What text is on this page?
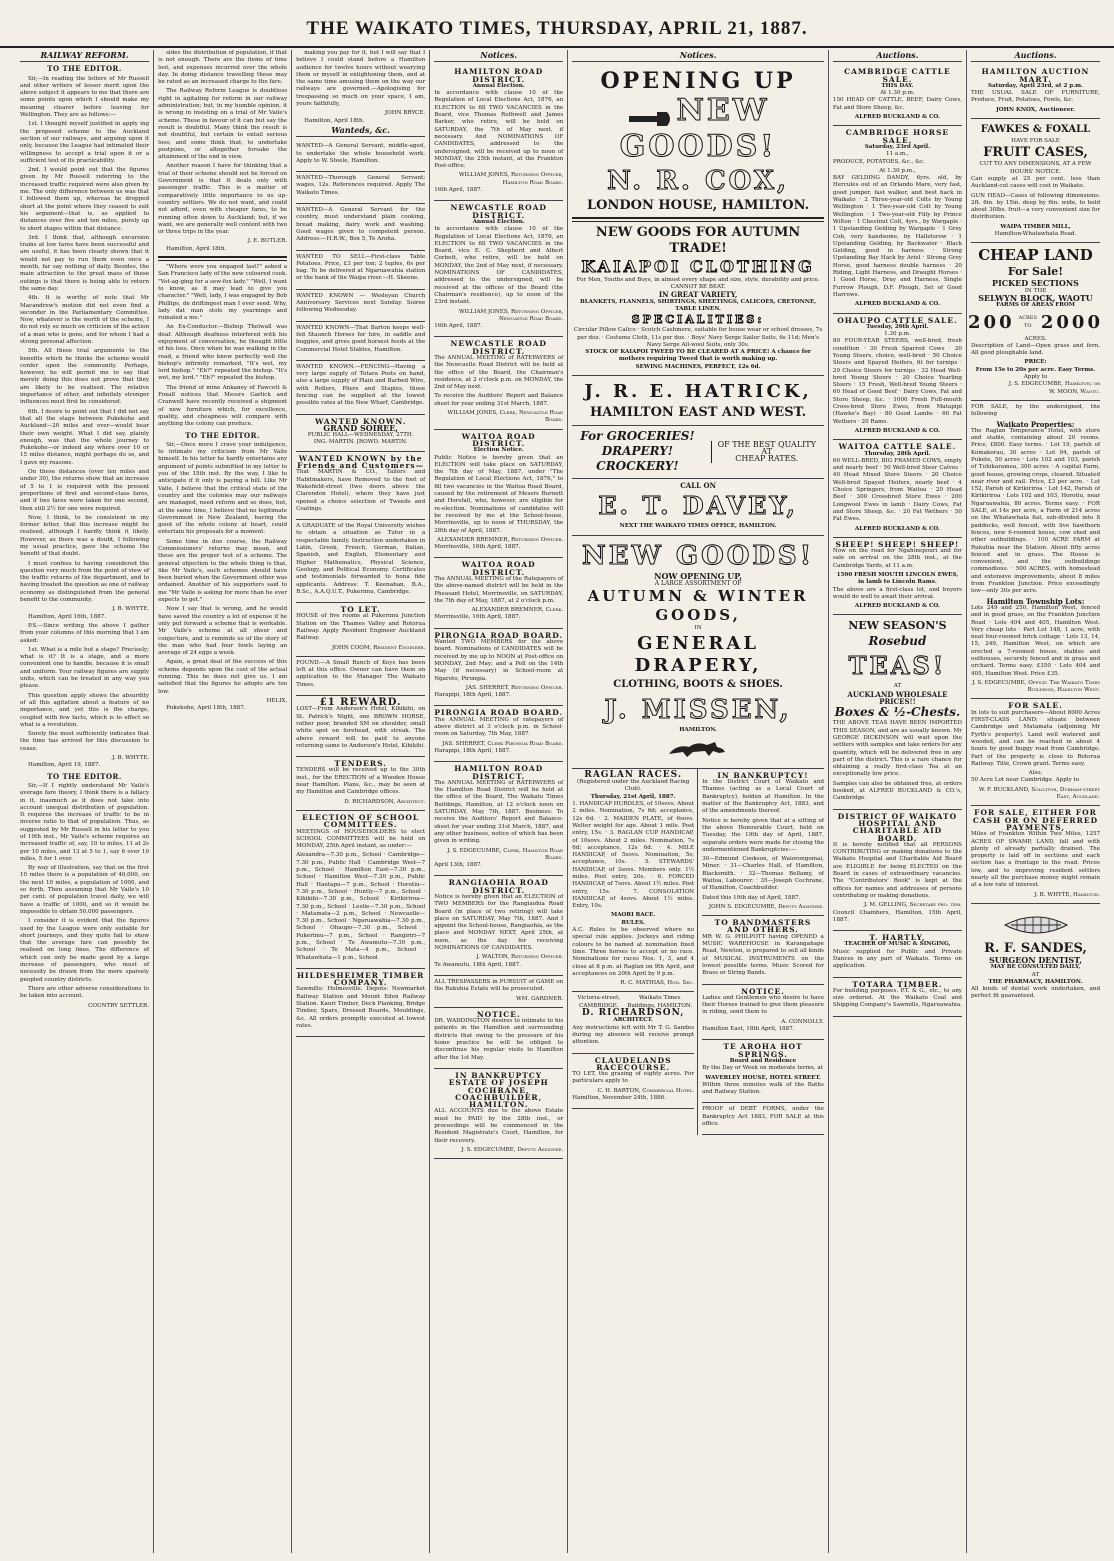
THE WAIKATO TIMES, THURSDAY, APRIL 21, 1887.
RAILWAY REFORM.
TO THE EDITOR.

Sir,—In reading the letters of Mr Russell and other writers of lesser merit upon the above subject it appears to me that there are some points upon which I should make my meaning clearer before leaving for Wellington. They are as follows:—

1st. I thought myself justified in apply ing the proposed scheme to the Auckland section of our railways, and arguing upon it only, because the League had intimated their willingness to accept a trial upon it or a sufficient test of its practicability.

2nd. I would point out that the figures given by Mr Russell referring to the increased traffic required were also given by me. The only difference between us was that I followed them up, whereas he dropped short at the point where they ceased to suit his argument—that is, as applied to distances over five and ten miles, purely up to short stages within that distance.

3rd. I think that, although excursion trains at low fares have been successful and are useful, it has been clearly shown that it would not pay to run them even once a month, far say nothing of daily. Besides, the main attraction to the great mass of these outings is that there is being able to return the same day.

4th. It is worthy of note that Mr Macandrew's motion did not even find a seconder in the Parliamentary Committee. Now, whatever is the worth of the scheme, I do not rely so much on criticism of the action of a man who is gone, and for whom I had a strong personal affection.

5th. All these trial arguments to the benefits which he thinks the scheme would confer upon the community. Perhaps, however, he will permit me to say that merely doing this does not prove that they are likely to be realised. The relative importance of other, and infinitely stronger influences must first be considered.

6th. I desire to point out that I did not say that all the stage between Pukekohe and Auckland—20 miles and over—would bear their own weight. What I did say, plainly enough, was that the whole journey to Pukekohe—or indeed any where over 10 or 15 miles distance, might perhaps do so, and I gave my reasons.

On these distances (over ten miles and under 30), the returns show that an increase of 5 to 1 is required with the present proportions of first and second-class fares, and if two fares were taken for one second, then still 2½ for one were required.

Now, I think, to be consistent in my former letter, that this increase might be realised, although I hardly think it likely. However, as there was a doubt, I following my usual practice, gave the scheme the benefit of that doubt.

I must confess to having considered the question very much from the point of view of the traffic returns of the department, and to having treated the question as one of railway economy as distinguished from the general benefit to the community.

J. B. WHYTE.

Hamilton, April 16th, 1887.

P.S.—Since writing the above I gather from your columns of this morning that I am asked:

1st. What is a mile but a stage? Precisely; what is it? It is a stage, and a more convenient one to handle, because it is small and uniform. Your railway figures are supply units, which can be treated in any way you please.

This question apply shows the absurdity of all this agitation about a feature of no importance, and yet this is the charge, coupled with few facts, which is to effect so what is a revolution.

Surely the most sufficiently indicates that the time has arrived for this discussion to cease.

J. B. WHYTE.

Hamilton, April 19, 1887.

TO THE EDITOR.

Sir,—If I rightly understand Mr Vaile's average fare theory, I think there is a fallacy in it, inasmuch as it does not take into account unequal distribution of population. It requires the increase of traffic to be in inverse ratio to that of population. Thus, as suggested by Mr Russell in his letter to you of 19th inst., Mr Vaile's scheme requires an increased traffic of, say, 10 to miles, 11 at 2s per 10 miles, and 13 at 5 to 1, say 6 over 10 miles, 5 for 1 over.

By way of illustration, say that on the first 10 miles there is a population of 40,000, on the next 10 miles, a population of 1000, and so forth. Then assuming that Mr Vaile's 10 per cent. of population travel daily, we will have a traffic of 1000, and so it would be impossible to obtain 50,000 passengers.

I consider it is evident that the figures used by the League were only suitable for short journeys, and they quite fail to show that the average fare can possibly be realised on long lines. The difference of which can only be made good by a large increase of passengers, who must of necessity be drawn from the more sparsely peopled country districts.

There are other adverse considerations to be taken into account.

COUNTRY SETTLER.

sides the distribution of population, if that is not enough. There are the items of time lost, and expenses incurred over the whole day. In doing distance travelling these may be rated as an increased charge to the fare.

The Railway Reform League is doubtless right in agitating for reform in our railway administration; but, in my humble opinion, it is wrong in insisting on a trial of Mr Vaile's scheme. These in favour of it can but say the result is doubtful. Many think the result is not doubtful, but certain to entail serious loss; and some think that, to undertake postpone, or altogether forsake the attainment of the end in view.

Another reason I have for thinking that a trial of their scheme should not be forced on Government is that it deals only with passenger traffic. This is a matter of comparatively little importance to us up-country settlers. We do not want, and could not afford, even with cheaper fares, to be running often down to Auckland; but, if we want, we are generally well content with two or three trips in the year.

J. E. BUTLER.

Hamilton, April 18th.

"Where were you engaged last?" asked a San Francisco lady of the new coloured cook. "Vot-ag-ging for a sew-fox lady." "Well, I want to know, as it may lead to give you character." "Well, lady, I was engaged by Bob Phillips, de driftingest man I ever seed. Why, lady dat man stole my yearnings and ruinated a me."

An Ex-Conductor.—Bishop Thelwall was deaf. Although deafness interfered with his enjoyment of conversation, he thought little of his loss. Once when he was walking in the road, a friend who knew perfectly well the bishop's infirmity remarked, "It's wet, my lord bishop." "Eh?" repeated the bishop. "It's wet, my lord." "Eh?" repeated the bishop.

The friend of mine Ankaney of Fawcett & Foxall notices that Messrs Garlick and Cranwell have recently received a shipment of new furniture which, for excellence, quality, and cheapness will compare with anything the colony can produce.

TO THE EDITOR.

Sir,—Once more I crave your indulgence, to intimate my criticism from Mr Vaile himself. In his letter he hardly entertains any argument of points submitted in my letter to you of the 15th inst. By the way, I like to anticipate if it only is paying a bill. Like Mr Vaile, I believe that the critical state of the country and the colonies may our railways are managed, need reform and so does, but, at the same time, I believe that no legitimate Government in New Zealand, having the good of the whole colony at heart, could entertain his proposals for a moment.

Some time in due course, the Railway Commissioners' returns may mean, and these are the proper test of a scheme. The general objection to the whole thing is that, like Mr Vaile's, such schemes should have been buried when the Government other was ordained. Another of his supporters said to me "Mr Vaile is asking for more than he ever expects to get."

Now I say that is wrong, and he would have saved the country a lot of expense if he only put forward a scheme that is workable. Mr Vaile's scheme at all sheer and conjecture, and is reminds us of the story of the man who had four fowls laying an average of 24 eggs a week.

Again, a great deal of the success of this scheme depends upon the cost of the actual running. This he does not give us. I am satisfied that the figures he adopts are too low.

HELIX.

Pukekohe, April 18th, 1887.

making you pay for it, but I will say that I believe I could stand before a Hamilton audience for twelve hours without wearying them or myself in enlightening them, and at the same time amusing them on the way our railways are governed.—Apologising for trespassing so much on your space, I am, yours faithfully,

JOHN BRYCE.

Hamilton, April 18th.

Wanteds, &c.

WANTED—A General Servant, middle-aged, to undertake the whole household work. Apply to W. Steele, Hamilton.

WANTED—Thorough General Servant; wages, 12s. References required. Apply The Waikato Times.

WANTED—A General Servant for the country, must understand plain cooking, bread making, dairy work and washing. Good wages given to competent person. Address:—H.R.W., Box 5, Te Aroha.

WANTED TO SELL—First-class Table Potatoes. Price, £3 per ton; 2 tuples, 6s per bag. To be delivered at Ngaruawahia station or the bank of the Waipa river.—H. Skeene.

WANTED KNOWN — Wesleyan Church Anniversary Services next Sunday. Soiree following Wednesday.

WANTED KNOWN—That Barton keeps well-fed Staunch Horses for hire, in saddle and buggies, and gives good horsest feeds at the Commercial Hotel Stables, Hamilton.

WANTED KNOWN.—FENCING—Having a very large supply of Totara Posts on hand, also a large supply of Plain and Barbed Wire, with Rollers, Pliers and Staples, those fencing can be supplied at the lowest possible rates at the New Wharf, Cambridge.

WANTED KNOWN.
GRAND SOIREE,
PUBLIC HALL—WEDNESDAY, 27TH.
ING. MARTIN. [ROWD. MARTIN.
WANTED KNOWN by the Friends and Customers—

That MARTIN & CO., Tailors and Habitmakers, have Removed to the foot of Wakefield-street (two doors above the Clarendon Hotel), where they have just opened a choice selection of Tweeds and Coatings.

A GRADUATE of the Royal University wishes to obtain a situation as Tutor in a respectable family. Instruction undertaken in Latin, Greek, French, German, Italian, Spanish, and English, Elementary and Higher Mathematics, Physical Science, Geology, and Political Economy. Certificates and testimonials forwarded to bona fide applicants. Address: T. Keenahan, B.A., B.Sc., A.A.Q.U.T., Pukerimu, Cambridge.

TO LET.

HOUSE of five rooms at Pukerimu Junction Station on the Thames Valley and Rotorua Railway. Apply Resident Engineer Auckland Railway.

JOHN COOM, Resident Engineer.

FOUND.—A Small Bunch of Keys has been left at this office. Owner can have them on application to the Manager The Waikato Times.

£1 REWARD.

LOST—From Anderson's Hotel, Kihikihi, on St. Patrick's Night, one BROWN HORSE, rather poor, branded SM on shoulder, small white spot on forehead, with streak. The above reward will be paid to anyone returning same to Anderson's Hotel, Kihikihi.

TENDERS.

TENDERS will be received up to the 30th inst., for the ERECTION of a Wooden House near Hamilton. Plans, &c., may be seen at my Hamilton and Cambridge offices.

D. RICHARDSON, Architect.
ELECTION OF SCHOOL COMMITTEES.

MEETINGS of HOUSEHOLDERS to elect SCHOOL COMMITTEES will be held on MONDAY, 25th April instant, as under:—

Alexandra—7.30 p.m., School · Cambridge—7.30 p.m., Public Hall · Cambridge West—7 p.m., School · Hamilton East—7.30 p.m., School · Hamilton West—7.30 p.m., Public Hall · Hautapu—7 p.m., School · Horotiu—7.30 p.m., School · Huntly—7 p.m., School · Kihikihi—7.30 p.m., School · Kirikiriroa—7.30 p.m., School · Leslie—7.30 p.m., School · Matamata—2 p.m., School · Newcastle—7.30 p.m., School · Ngaruawahia—7.30 p.m., School · Ohaupo—7.30 p.m., School · Pukerimu—7 p.m., School · Rangiriri—7 p.m., School · Te Awamutu—7.30 p.m., School · Te Mata—4 p.m., School · Whatawhata—1 p.m., School

HILDESHEIMER TIMBER COMPANY.

Sawmills: Holmesville. Depots: Newmarket Railway Station and Mount Eden Railway Station. Kauri Timber, Deck Planking, Bridge Timber, Spars, Dressed Boards, Mouldings, &c. All orders promptly executed at lowest rates.

Notices.
HAMILTON ROAD DISTRICT.
Annual Election.

In accordance with clause 10 of the Regulation of Local Elections Act, 1876, an ELECTION to fill TWO VACANCIES in the Board, vice Thomas Rothwell and James Barker, who retire, will be held on SATURDAY, the 7th of May next, if necessary. And NOMINATIONS OF CANDIDATES, addressed to the undersigned, will be received up to noon of MONDAY, the 25th instant, at the Frankton Post-office.

WILLIAM JONES, Returning Officer, Hamilton Road Board.

16th April, 1887.

NEWCASTLE ROAD DISTRICT.
Annual Election.

In accordance with clause 10 of the Regulation of Local Elections Act, 1876, an ELECTION to fill TWO VACANCIES in the Board, vice E. C. Shepherd and Albert Corbett, who retire, will be held on MONDAY, the 2nd of May next, if necessary. NOMINATIONS OF CANDIDATES, addressed to the undersigned, will be received at the offices of the Board (the Chairman's residence), up to noon of the 23rd instant.

WILLIAM JONES, Returning Officer, Newcastle Road Board.

16th April, 1887.

NEWCASTLE ROAD DISTRICT.

The ANNUAL MEETING of RATEPAYERS of the Newcastle Road District will be held at the office of the Board, the Chairman's residence, at 2 o'clock p.m. on MONDAY, the 2nd of May next.

To receive the Auditors' Report and Balance sheet for year ending 31st March, 1887.

WILLIAM JONES, Clerk, Newcastle Road Board.
WAITOA ROAD DISTRICT.
Election Notice.

Public Notice is hereby given that an ELECTION will take place on SATURDAY, the 7th day of May, 1887, under "The Regulation of Local Elections Act, 1876," to fill two vacancies in the Waitoa Road Board, caused by the retirement of Messrs Burnett and Horsfall, who, however, are eligible for re-election. Nominations of candidates will be received by me at the School-house, Morrinsville, up to noon of THURSDAY, the 28th day of April, 1887.

ALEXANDER BREMNER, Returning Officer.

Morrinsville, 16th April, 1887.

WAITOA ROAD DISTRICT.

The ANNUAL MEETING of the Ratepayers of the above-named district will be held in the Pheasant Hotel, Morrinsville, on SATURDAY, the 7th day of May, 1887, at 2 o'clock p.m.

ALEXANDER BREMNER, Clerk.

Morrinsville, 16th April, 1887.

PIRONGIA ROAD BOARD.

Wanted TWO MEMBERS for the above board. Nominations of CANDIDATES will be received by me up to NOON at Post-office on MONDAY, 2nd May; and a Poll on the 14th May (if necessary) in School-room at Ngaroto, Pirongia.

JAS. SHERRET, Returning Officer.

Harapipi, 18th April, 1887.

PIRONGIA ROAD BOARD.

The ANNUAL MEETING of ratepayers of above district at 3 o'clock p.m. in School-room on Saturday, 7th May, 1887.

JAS. SHERRET, Clerk Pirongia Road Board.

Harapipi, 18th April, 1887.

HAMILTON ROAD DISTRICT.

The ANNUAL MEETING of RATEPAYERS of the Hamilton Road District will be held at the office of the Board, The Waikato Times Buildings, Hamilton, at 12 o'clock noon on SATURDAY, May 7th, 1887. Business: To receive the Auditors' Report and Balance-sheet for year ending 31st March, 1887, and any other business, notice of which has been given in writing.

J. S. EDGECUMBE, Clerk, Hamilton Road Board.

April 13th, 1887.

RANGIAOHIA ROAD DISTRICT.

Notice is hereby given that an ELECTION of TWO MEMBERS for the Rangiaohia Road Board (in place of two retiring) will take place on SATURDAY, May 7th, 1887. And I appoint the School-house, Rangiaohia, as the place and MONDAY NEXT, April 25th, at noon, as the day for receiving NOMINATIONS OF CANDIDATES.

J. WALTON, Returning Officer.

Te Awamutu, 18th April, 1887.

ALL TRESPASSERS in PURSUIT of GAME on the Rukuhia Estate will be prosecuted.

WM. GARDNER.
NOTICE.

DR. WADDINGTON desires to intimate to his patients in the Hamilton and surrounding districts that owing to the pressure of his home practice he will be obliged to discontinue his regular visits to Hamilton after the 1st May.

IN BANKRUPTCY ESTATE OF JOSEPH COCHRANE, COACHBUILDER, HAMILTON.

ALL ACCOUNTS due to the above Estate must be PAID by the 28th inst., or proceedings will be commenced in the Resident Magistrate's Court, Hamilton, for their recovery.

J. S. EDGECUMBE, Deputy Assignee.
Notices.
OPENING UP
NEW GOODS!
N. R. COX,
LONDON HOUSE, HAMILTON.
NEW GOODS FOR AUTUMN TRADE!
KAIAPOI CLOTHING
For Men, Youths and Boys, in almost every shape and size, style, durability and price. CANNOT BE BEAT.
IN GREAT VARIETY,
BLANKETS, FLANNELS, SHIRTINGS, SHEETINGS, CALICOES, CRETONNE, TABLE LINEN.
SPECIALITIES:
Circular Pillow Calico · Scotch Cashmere, suitable for house wear or school dresses, 7s per doz. · Costume Cloth, 11s per doz. · Boys' Navy Serge Sailor Suits, 6s 11d; Men's Navy Serge All-wool Suits, only 30s.
STOCK OF KAIAPOI TWEED TO BE CLEARED AT A PRICE! A chance for mothers requiring Tweed that is worth making up.
SEWING MACHINES, PERFECT, 12s 6d.
J. R. E. HATRICK,
HAMILTON EAST AND WEST.
For GROCERIES!
DRAPERY!
CROCKERY!
OF THE BEST QUALITY
AT
CHEAP RATES.
CALL ON
E. T. DAVEY,
NEXT THE WAIKATO TIMES OFFICE, HAMILTON.
NEW GOODS!
NOW OPENING UP,
A LARGE ASSORTMENT OF
AUTUMN & WINTER GOODS,
IN
GENERAL DRAPERY,
CLOTHING, BOOTS & SHOES.
J. MISSEN,
HAMILTON.
RAGLAN RACES.
(Registered under the Auckland Racing Club).
Thursday, 21st April, 1887.

1. HANDICAP HURDLES, of 10sovs. About 2 miles. Nomination, 7s 6d; acceptance, 12s 6d. · 2. MAIDEN PLATE, of 6sovs. Welter weight for age. About 1 mile. Post entry, 15s. · 3. RAGLAN CUP HANDICAP, of 10sovs. About 2 miles. Nomination, 7s 6d; acceptance, 12s 6d. · 4. MILE HANDICAP, of 5sovs. Nomination, 5s; acceptance, 10s. · 5. STEWARDS' HANDICAP, of 3sovs. Members only. 1½ miles. Post entry, 20s. · 6. FORCED HANDICAP, of 7sovs. About 1½ miles. Post entry, 15s. · 7. CONSOLATION HANDICAP, of 4sovs. About 1½ miles. Entry, 10s.

MAORI RACE.
RULES.

A.C. Rules to be observed where no special rule applies. Jockeys and riding colours to be named at nomination fixed time. Three horses to accept or no race. Nominations for races Nos. 1, 3, and 4 close at 8 p.m. at Raglan on 9th April, and acceptances on 20th April by 9 p.m.

R. C. MATHIAS, Hon. Sec.
Victoria-street, CAMBRIDGE.
Waikato Times Buildings, HAMILTON.
D. RICHARDSON,
ARCHITECT.

Any instructions left with Mr T. G. Sandes during my absence will receive prompt attention.

CLAUDELANDS RACECOURSE.

TO LET, the grazing of eighty acres. For particulars apply to

C. H. BARTON, Commercial Hotel.

Hamilton, November 24th, 1886.

IN BANKRUPTCY!

In the District Court of Waikato and Thames (acting as a Local Court of Bankruptcy), holden at Hamilton. In the matter of the Bankruptcy Act, 1883, and of the amendments thereof.

Notice is hereby given that at a sitting of the above Honourable Court, held on Tuesday, the 19th day of April, 1887, separate orders were made for closing the undermentioned Bankruptcies:—

30—Edmund Cookson, of Waiorongomai, Miner. · 31—Charles Hall, of Hamilton, Blacksmith. · 32—Thomas Bellamy, of Waitoa, Labourer. · 35—Joseph Cochrane, of Hamilton, Coachbuilder.

Dated this 19th day of April, 1887.

JOHN S. EDGECUMBE, Deputy Assignee.
TO BANDMASTERS AND OTHERS.

MR W. G. PHILPOTT having OPENED a MUSIC WAREHOUSE in Karangahape Road, Newton, is prepared to sell all kinds of MUSICAL INSTRUMENTS on the lowest possible terms. Music Scored for Brass or String Bands.

NOTICE.

Ladies and Gentlemen who desire to have their Horses trained to give them pleasure in riding, send them to

A. CONNOLLY.

Hamilton East, 18th April, 1887.

TE AROHA HOT SPRINGS.
Board and Residence

By the Day or Week on moderate terms, at

WAVERLEY HOUSE, HOTEL STREET.

Within three minutes walk of the Baths and Railway Station.

PROOF of DEBT FORMS, under the Bankruptcy Act 1883, FOR SALE at this office.

Auctions.
CAMBRIDGE CATTLE SALE.
THIS DAY.
At 1.30 p.m.

150 HEAD OF CATTLE, BEEF, Dairy Cows, Fat and Store Sheep, &c.

ALFRED BUCKLAND & CO.
CAMBRIDGE HORSE SALE.
Saturday, 23rd April.
11 a.m.,

PRODUCE, POTATOES, &c., &c.

At 1.30 p.m.,

BAY GELDING DANDY, 6yrs. old, by Hercules out of an Orlando Mare, very fast, good jumper, fast walker, and best hack in Waikato · 2 Three-year-old Colts by Young Wellington · 1 Two-year-old Colt by Young Wellington · 1 Two-year-old Filly by Prince Wilton · 1 Chestnut Colt, 4yrs., by Wargaple · 1 Upstanding Gelding by Wargaple · 1 Grey Cob, very handsome, by Halletsrow · 1 Upstanding Gelding, by Backwater · Black Gelding, good in harness · Strong Upstanding Bay Hack by Ariel · Strong Grey Horse, good harness double harness · 20 Riding, Light Harness, and Draught Horses · 1 Good Horse, Dray and Harness, Single Furrow Plough, D.F. Plough, Set of Good Harrows.

ALFRED BUCKLAND & CO.
OHAUPO CATTLE SALE.
Tuesday, 26th April.
1.30 p.m.

80 FOUR-YEAR STEERS, well-bred, fresh condition · 30 Fresh Sparred Cows · 20 Young Steers, choice, well-bred · 50 Choice Steers and Spayed Heifers, fit for turnips · 20 Choice Steers for turnips · 32 Head Well-bred Young Steers · 20 Choice Yearling Steers · 15 Fresh, Well-bred Young Steers · 60 Head of Good Beef · Dairy Cows, Fat and Store Sheep, &c. · 1000 Fresh Full-mouth Cross-bred Store Ewes, from Matapipi (Hawke's Bay) · 80 Good Lambs · 60 Fat Wethers · 20 Rams.

ALFRED BUCKLAND & CO.
WAITOA CATTLE SALE.
Thursday, 28th April.

60 WELL-BRED, BIG FRAMED COWS, empty and nearly beef · 50 Well-bred Steer Calves · 40 Head Mixed Store Steers · 20 Choice Well-bred Spayed Heifers, nearly beef · 4 Choice Springers, from Waitoa · 20 Head Beef · 300 Crossbred Store Ewes · 200 Longwool Ewes in lamb · Dairy Cows, Fat and Store Sheep, &c. · 20 Fat Wethers · 50 Fat Ewes.

ALFRED BUCKLAND & CO.
SHEEP! SHEEP! SHEEP!

Now on the road for Ngahinepouri and for sale on arrival on the 28th inst., at the Cambridge Yards, at 11 a.m.

1500 FRESH MOUTH LINCOLN EWES, in lamb to Lincoln Rams.

The above are a first-class lot, and buyers would do well to await their arrival.

ALFRED BUCKLAND & CO.
NEW SEASON'S
Rosebud
TEAS!
AT
AUCKLAND WHOLESALE PRICES!!
Boxes & ½-Chests.

THE ABOVE TEAS HAVE BEEN IMPORTED THIS SEASON, and are as usually known. Mr GEORGE DICKINSON will wait upon the settlers with samples and take orders for any quantity, which will be delivered free in any part of the district. This is a rare chance for obtaining a really first-class Tea at an exceptionally low price.

Samples can also be obtained free, at orders booked, at ALFRED BUCKLAND & CO.'s, Cambridge.

DISTRICT OF WAIKATO HOSPITAL AND CHARITABLE AID BOARD.

It is hereby notified that all PERSONS CONTRIBUTING or making donations to the Waikato Hospital and Charitable Aid Board are ELIGIBLE for being ELECTED on the Board in cases of extraordinary vacancies. The "Contributors' Book" is kept at the offices for names and addresses of persons contributing or making donations.

J. M. GELLING, Secretary pro. tem.

Council Chambers, Hamilton, 15th April, 1887.

T. HARTLY,
TEACHER OF MUSIC & SINGING,

Music supplied for Public and Private Dances in any part of Waikato. Terms on application.

TOTARA TIMBER.

For building purposes. P.T. & G., etc., to any size ordered. At the Waikato Coal and Shipping Company's Sawmills, Ngaruawahia.

Auctions.
HAMILTON AUCTION MART.
Saturday, April 23rd, at 2 p.m.

THE USUAL SALE OF FURNITURE, Produce, Fruit, Potatoes, Fowls, &c.

JOHN KNOX, Auctioneer.
FAWKES & FOXALL
HAVE FOR SALE
FRUIT CASES,
CUT TO ANY DIMENSIONS, AT A FEW HOURS' NOTICE.

Can supply at 25 per cent. less than Auckland-cut cases will cost in Waikato.

GUN HEAD—Cases of following dimensions: 2ft. 6in. by 15in. deep by 6in. wide, to hold about 30lbs. fruit—a very convenient size for distribution.

WAIPA TIMBER MILL,
Hamilton-Whatawhata Road.
CHEAP LAND
For Sale!
PICKED SECTIONS
IN THE
SELWYN BLOCK, WAOTU
FARMS OF AREAS FROM
200 ACRES TO 2000
ACRES.

Description of Land—Open grass and fern. All good ploughable land.

PRICE:
From 15s to 20s per acre. Easy Terms.
Apply to
J. S. EDGECUMBE, Hamilton; or
W. MOON, Waotu.

FOR SALE, by the undersigned, the following

Waikato Properties:

The Raglan Temperance Hotel, with store and stable, containing about 20 rooms. Price, £800. Easy terms. · Lot 19, parish of Komakorau, 30 acres · Lot 94, parish of Pukete, 50 acres · Lots 102 and 103, parish of Tuhikaramea, 300 acres · A capital Farm, good house, growing crops, cleared. Situated near river and rail. Price, £3 per acre. · Lot 152, Parish of Kirikiriroa · Lot 142, Parish of Kirikiriroa · Lots 102 and 103, Horotiu, near Ngaruawahia, 80 acres. Terms easy. · FOR SALE, at 14s per acre, a Farm of 214 acres on the Whatawhata flat, sub-divided into 8 paddocks, well fenced, with live hawthorn fences, new 6-roomed house, cow shed and other outbuildings. · 100 ACRE FARM at Rukuhia near the Station. About fifty acres fenced and in grass. The House is convenient, and the outbuildings commodious. · 500 ACRES, with homestead and extensive improvements, about 8 miles from Frankton Junction. Price exceedingly low—only 30s per acre.

Hamilton Township Lots:

Lots 249 and 250, Hamilton West, fenced and in good grass, on the Frankton Junction Road · Lots 404 and 405, Hamilton West. Very cheap lots · Part Lot 148, 1 acre, with neat four-roomed brick cottage · Lots 13, 14, 15, 249, Hamilton West, on which are erected a 7-roomed house, stables and outhouses, securely fenced and in grass and orchard. Terms easy. £350 · Lots 404 and 405, Hamilton West. Price £35.

J. S. EDGECUMBE, Office: The Waikato Times Buildings, Hamilton West.
FOR SALE.

In lots to suit purchasers—About 8000 Acres FIRST-CLASS LAND; situate between Cambridge and Matamata (adjoining Mr Fyrth's property). Land well watered and wooded, and can be reached in about 4 hours by good buggy road from Cambridge. Part of the property is close to Rotorua Railway. Title, Crown grant. Terms easy.

Also,

50 Acre Lot near Cambridge. Apply to

W. F. BUCKLAND, Solicitor, Durham-street East, Auckland.
FOR SALE, EITHER FOR CASH OR ON DEFERRED PAYMENTS,

Miles of Frankton Within Two Miles, 1257 ACRES OF SWAMP, LAND, fall and with plenty of already partially drained. The property is laid off in sections and each section has a frontage to the road. Prices low, and to improving resident settlers nearly all the purchase money might remain at a low rate of interest.

J. B. WHYTE, Hamilton.
R. F. SANDES,
SURGEON DENTIST,
MAY BE CONSULTED DAILY,
AT
THE PHARMACY, HAMILTON.

All kinds of dental work undertaken, and perfect fit guaranteed.
